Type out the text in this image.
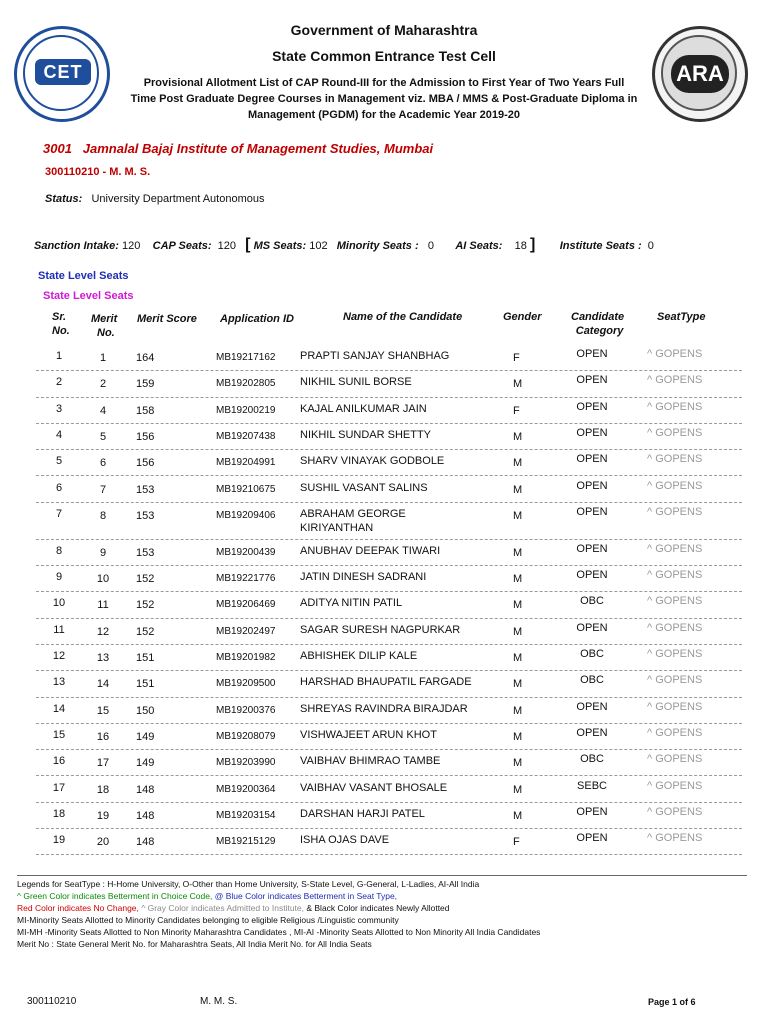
CET	ARA
Government of Maharashtra
State Common Entrance Test Cell
Provisional Allotment List of CAP Round-III for the Admission to First Year of Two Years Full Time Post Graduate Degree Courses in Management viz. MBA / MMS & Post-Graduate Diploma in Management (PGDM) for the Academic Year 2019-20
3001 Jamnalal Bajaj Institute of Management Studies, Mumbai
300110210 - M. M. S.
Status: University Department Autonomous
Sanction Intake: 120 CAP Seats: 120 [ MS Seats: 102 Minority Seats : 0 AI Seats: 18 ] Institute Seats : 0
State Level Seats
State Level Seats
Sr.
No.
Merit
No.
Merit Score Application ID	Name of the Candidate	Gender	Candidate
Category
SeatType
1	1	164	MB19217162 PRAPTI SANJAY SHANBHAG	F	OPEN	^ GOPENS
2	2	159	MB19202805 NIKHIL SUNIL BORSE	M	OPEN	^ GOPENS
3	4	158	MB19200219 KAJAL ANILKUMAR JAIN	F	OPEN	^ GOPENS
4	5	156	MB19207438 NIKHIL SUNDAR SHETTY	M	OPEN	^ GOPENS
5	6	156	MB19204991 SHARV VINAYAK GODBOLE	M	OPEN	^ GOPENS
6	7	153	MB19210675 SUSHIL VASANT SALINS	M	OPEN	^ GOPENS
7	8	153	MB19209406 ABRAHAM GEORGE	M	OPEN	^ GOPENS
KIRIYANTHAN
8	9	153	MB19200439 ANUBHAV DEEPAK TIWARI	M	OPEN	^ GOPENS
9	10 152	MB19221776 JATIN DINESH SADRANI	M	OPEN	^ GOPENS
10	11 152	MB19206469 ADITYA NITIN PATIL	M	OBC	^ GOPENS
11	12 152	MB19202497 SAGAR SURESH NAGPURKAR	M	OPEN	^ GOPENS
12	13 151	MB19201982 ABHISHEK DILIP KALE	M	OBC	^ GOPENS
13	14 151	MB19209500 HARSHAD BHAUPATIL FARGADE	M	OBC	^ GOPENS
14	15 150	MB19200376 SHREYAS RAVINDRA BIRAJDAR	M	OPEN	^ GOPENS
15	16 149	MB19208079 VISHWAJEET ARUN KHOT	M	OPEN	^ GOPENS
16	17 149	MB19203990 VAIBHAV BHIMRAO TAMBE	M	OBC	^ GOPENS
17	18 148	MB19200364 VAIBHAV VASANT BHOSALE	M	SEBC	^ GOPENS
18	19 148	MB19203154 DARSHAN HARJI PATEL	M	OPEN	^ GOPENS
19	20 148	MB19215129 ISHA OJAS DAVE	F	OPEN	^ GOPENS
Legends for SeatType : H-Home University, O-Other than Home University, S-State Level, G-General, L-Ladies, AI-All India
^ Green Color indicates Betterment in Choice Code, @ Blue Color indicates Betterment in Seat Type,
Red Color indicates No Change, ^ Gray Color indicates Admitted to Institute, & Black Color indicates Newly Allotted
MI-Minority Seats Allotted to Minority Candidates belonging to eligible Religious /Linguistic community
MI-MH -Minority Seats Allotted to Non Minority Maharashtra Candidates , MI-AI -Minority Seats Allotted to Non Minority All India Candidates
Merit No : State General Merit No. for Maharashtra Seats, All India Merit No. for All India Seats
300110210	M. M. S.	Page 1 of 6
